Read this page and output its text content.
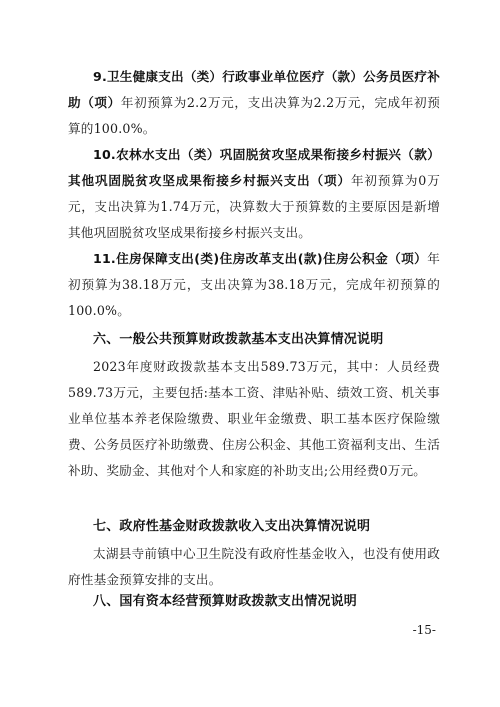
9.卫生健康支出（类）行政事业单位医疗（款）公务员医疗补助（项）年初预算为2.2万元，支出决算为2.2万元，完成年初预算的100.0%。

10.农林水支出（类）巩固脱贫攻坚成果衔接乡村振兴（款）其他巩固脱贫攻坚成果衔接乡村振兴支出（项）年初预算为0万元，支出决算为1.74万元，决算数大于预算数的主要原因是新增其他巩固脱贫攻坚成果衔接乡村振兴支出。

11.住房保障支出(类)住房改革支出(款)住房公积金（项）年初预算为38.18万元，支出决算为38.18万元，完成年初预算的100.0%。

六、一般公共预算财政拨款基本支出决算情况说明

2023年度财政拨款基本支出589.73万元，其中：人员经费589.73万元，主要包括:基本工资、津贴补贴、绩效工资、机关事业单位基本养老保险缴费、职业年金缴费、职工基本医疗保险缴费、公务员医疗补助缴费、住房公积金、其他工资福利支出、生活补助、奖励金、其他对个人和家庭的补助支出;公用经费0万元。

七、政府性基金财政拨款收入支出决算情况说明

太湖县寺前镇中心卫生院没有政府性基金收入，也没有使用政府性基金预算安排的支出。

八、国有资本经营预算财政拨款支出情况说明
-15-
